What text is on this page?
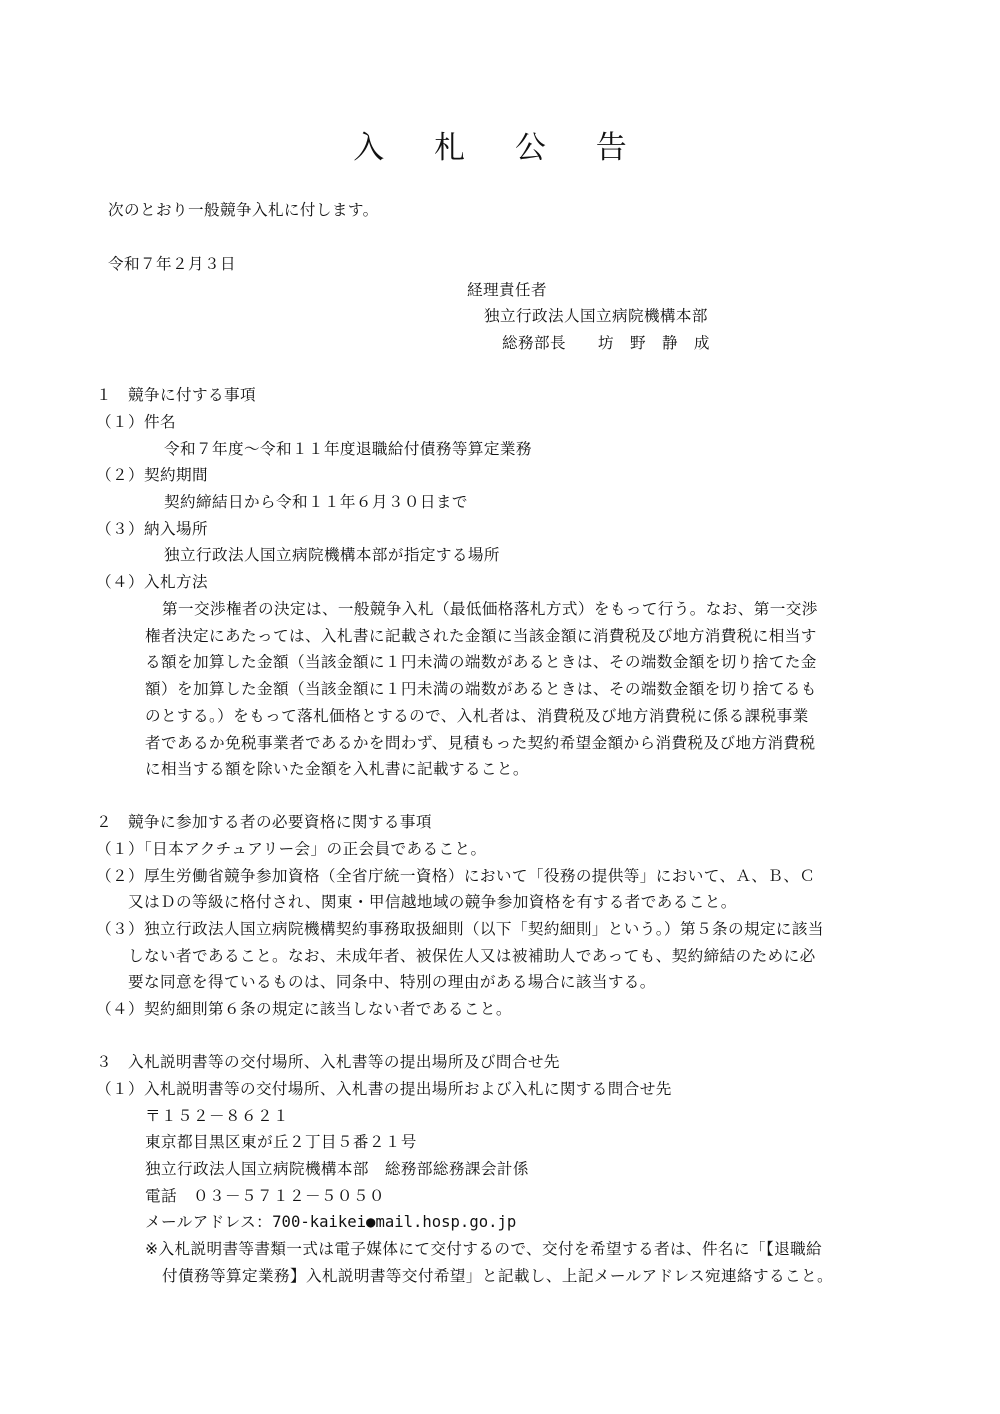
入 札 公 告

次のとおり一般競争入札に付します。

令和７年２月３日

経理責任者

独立行政法人国立病院機構本部

総務部長　　坊　野　静　成

１　競争に付する事項

（１）件名

令和７年度～令和１１年度退職給付債務等算定業務

（２）契約期間

契約締結日から令和１１年６月３０日まで

（３）納入場所

独立行政法人国立病院機構本部が指定する場所

（４）入札方法

第一交渉権者の決定は、一般競争入札（最低価格落札方式）をもって行う。なお、第一交渉

権者決定にあたっては、入札書に記載された金額に当該金額に消費税及び地方消費税に相当す

る額を加算した金額（当該金額に１円未満の端数があるときは、その端数金額を切り捨てた金

額）を加算した金額（当該金額に１円未満の端数があるときは、その端数金額を切り捨てるも

のとする。）をもって落札価格とするので、入札者は、消費税及び地方消費税に係る課税事業

者であるか免税事業者であるかを問わず、見積もった契約希望金額から消費税及び地方消費税

に相当する額を除いた金額を入札書に記載すること。

２　競争に参加する者の必要資格に関する事項

（１）「日本アクチュアリー会」の正会員であること。

（２）厚生労働省競争参加資格（全省庁統一資格）において「役務の提供等」において、Ａ、Ｂ、Ｃ

又はＤの等級に格付され、関東・甲信越地域の競争参加資格を有する者であること。

（３）独立行政法人国立病院機構契約事務取扱細則（以下「契約細則」という。）第５条の規定に該当

しない者であること。なお、未成年者、被保佐人又は被補助人であっても、契約締結のために必

要な同意を得ているものは、同条中、特別の理由がある場合に該当する。

（４）契約細則第６条の規定に該当しない者であること。

３　入札説明書等の交付場所、入札書等の提出場所及び問合せ先

（１）入札説明書等の交付場所、入札書の提出場所および入札に関する問合せ先

〒１５２－８６２１

東京都目黒区東が丘２丁目５番２１号

独立行政法人国立病院機構本部　総務部総務課会計係

電話　０３－５７１２－５０５０

メールアドレス：700-kaikei●mail.hosp.go.jp

※入札説明書等書類一式は電子媒体にて交付するので、交付を希望する者は、件名に「【退職給

付債務等算定業務】入札説明書等交付希望」と記載し、上記メールアドレス宛連絡すること。
